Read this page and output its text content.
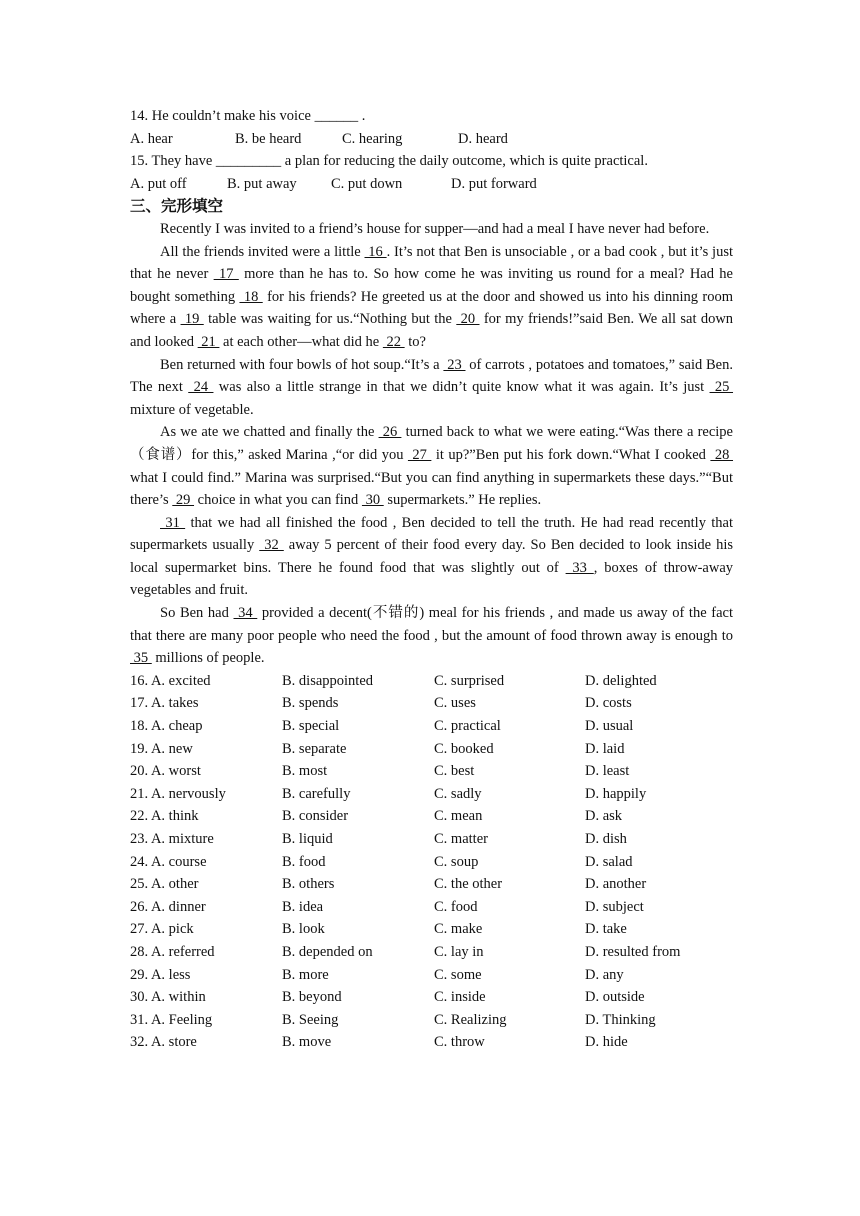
14. He couldn’t make his voice ______ .
A. hear	B. be heard	C. hearing	D. heard
15. They have _________ a plan for reducing the daily outcome, which is quite practical.
A. put off	B. put away C. put down	D. put forward
三、完形填空

Recently I was invited to a friend’s house for supper—and had a meal I have never had before.

All the friends invited were a little  16 . It’s not that Ben is unsociable , or a bad cook , but it’s just that he never  17  more than he has to. So how come he was inviting us round for a meal? Had he bought something  18  for his friends? He greeted us at the door and showed us into his dinning room where a  19  table was waiting for us.“Nothing but the  20  for my friends!”said Ben. We all sat down and looked  21  at each other—what did he  22  to?

Ben returned with four bowls of hot soup.“It’s a  23  of carrots , potatoes and tomatoes,” said Ben. The next  24  was also a little strange in that we didn’t quite know what it was again. It’s just  25  mixture of vegetable.

As we ate we chatted and finally the  26  turned back to what we were eating.“Was there a recipe（食谱）for this,” asked Marina ,“or did you  27  it up?”Ben put his fork down.“What I cooked  28  what I could find.” Marina was surprised.“But you can find anything in supermarkets these days.”“But there’s  29  choice in what you can find  30  supermarkets.” He replies.

31  that we had all finished the food , Ben decided to tell the truth. He had read recently that supermarkets usually  32  away 5 percent of their food every day. So Ben decided to look inside his local supermarket bins. There he found food that was slightly out of  33 , boxes of throw-away vegetables and fruit.

So Ben had  34  provided a decent(不错的) meal for his friends , and made us away of the fact that there are many poor people who need the food , but the amount of food thrown away is enough to  35  millions of people.

16. A. excited	B. disappointed	C. surprised	D. delighted
17. A. takes	B. spends	C. uses	D. costs
18. A. cheap	B. special	C. practical	D. usual
19. A. new	B. separate	C. booked	D. laid
20. A. worst	B. most	C. best	D. least
21. A. nervously	B. carefully	C. sadly	D. happily
22. A. think	B. consider	C. mean	D. ask
23. A. mixture	B. liquid	C. matter	D. dish
24. A. course	B. food	C. soup	D. salad
25. A. other	B. others	C. the other	D. another
26. A. dinner	B. idea	C. food	D. subject
27. A. pick	B. look	C. make	D. take
28. A. referred	B. depended on	C. lay in	D. resulted from
29. A. less	B. more	C. some	D. any
30. A. within	B. beyond	C. inside	D. outside
31. A. Feeling	B. Seeing	C. Realizing	D. Thinking
32. A. store	B. move	C. throw	D. hide
